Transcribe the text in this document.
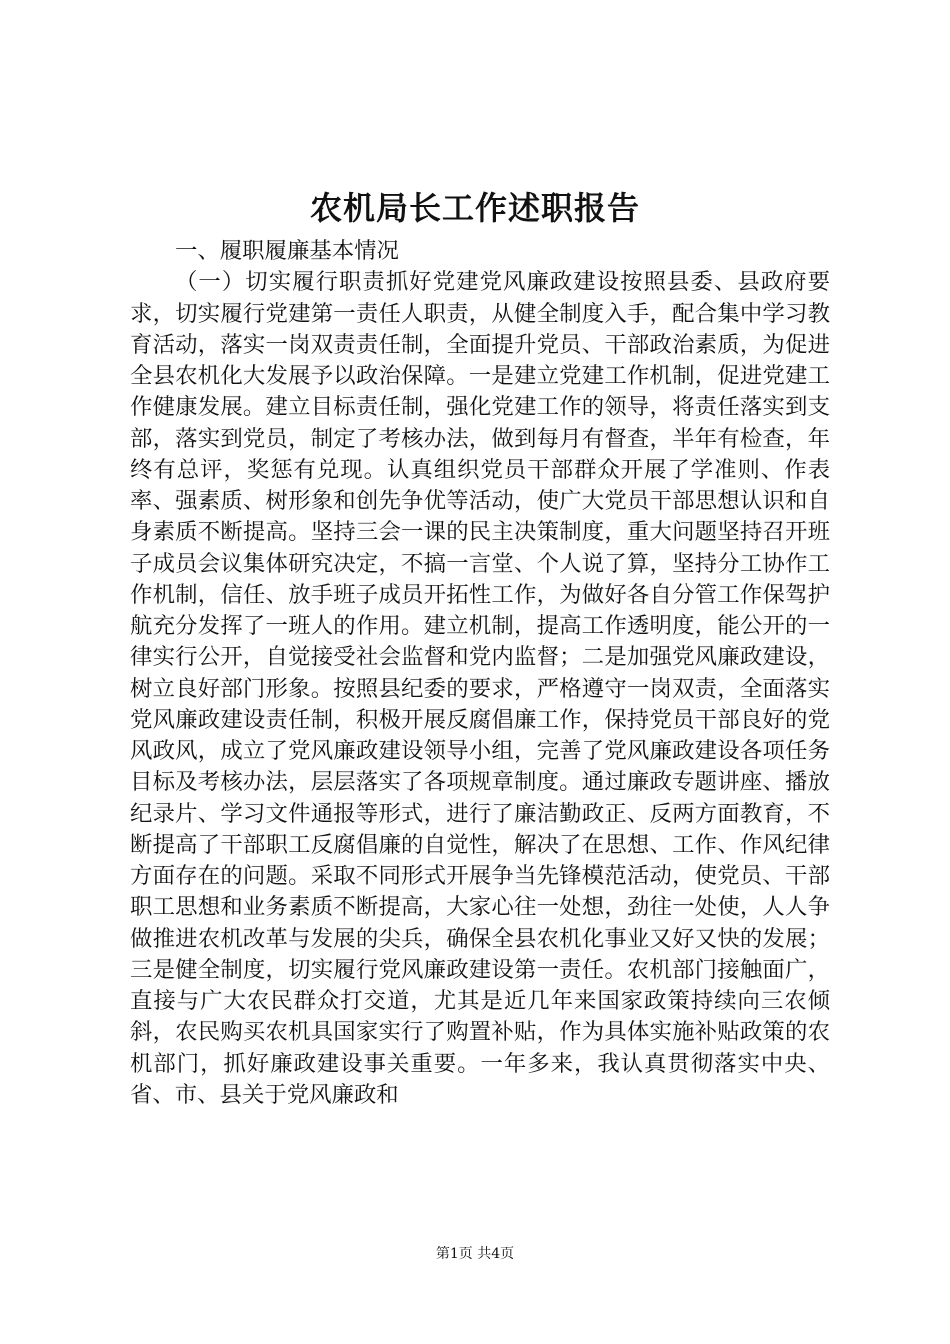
农机局长工作述职报告
一、履职履廉基本情况
（一）切实履行职责抓好党建党风廉政建设按照县委、县政府要求，切实履行党建第一责任人职责，从健全制度入手，配合集中学习教育活动，落实一岗双责责任制，全面提升党员、干部政治素质，为促进全县农机化大发展予以政治保障。一是建立党建工作机制，促进党建工作健康发展。建立目标责任制，强化党建工作的领导，将责任落实到支部，落实到党员，制定了考核办法，做到每月有督查，半年有检查，年终有总评，奖惩有兑现。认真组织党员干部群众开展了学准则、作表率、强素质、树形象和创先争优等活动，使广大党员干部思想认识和自身素质不断提高。坚持三会一课的民主决策制度，重大问题坚持召开班子成员会议集体研究决定，不搞一言堂、个人说了算，坚持分工协作工作机制，信任、放手班子成员开拓性工作，为做好各自分管工作保驾护航充分发挥了一班人的作用。建立机制，提高工作透明度，能公开的一律实行公开，自觉接受社会监督和党内监督；二是加强党风廉政建设，树立良好部门形象。按照县纪委的要求，严格遵守一岗双责，全面落实党风廉政建设责任制，积极开展反腐倡廉工作，保持党员干部良好的党风政风，成立了党风廉政建设领导小组，完善了党风廉政建设各项任务目标及考核办法，层层落实了各项规章制度。通过廉政专题讲座、播放纪录片、学习文件通报等形式，进行了廉洁勤政正、反两方面教育，不断提高了干部职工反腐倡廉的自觉性，解决了在思想、工作、作风纪律方面存在的问题。采取不同形式开展争当先锋模范活动，使党员、干部职工思想和业务素质不断提高，大家心往一处想，劲往一处使，人人争做推进农机改革与发展的尖兵，确保全县农机化事业又好又快的发展；三是健全制度，切实履行党风廉政建设第一责任。农机部门接触面广，直接与广大农民群众打交道，尤其是近几年来国家政策持续向三农倾斜，农民购买农机具国家实行了购置补贴，作为具体实施补贴政策的农机部门，抓好廉政建设事关重要。一年多来，我认真贯彻落实中央、省、市、县关于党风廉政和
第1页 共4页
